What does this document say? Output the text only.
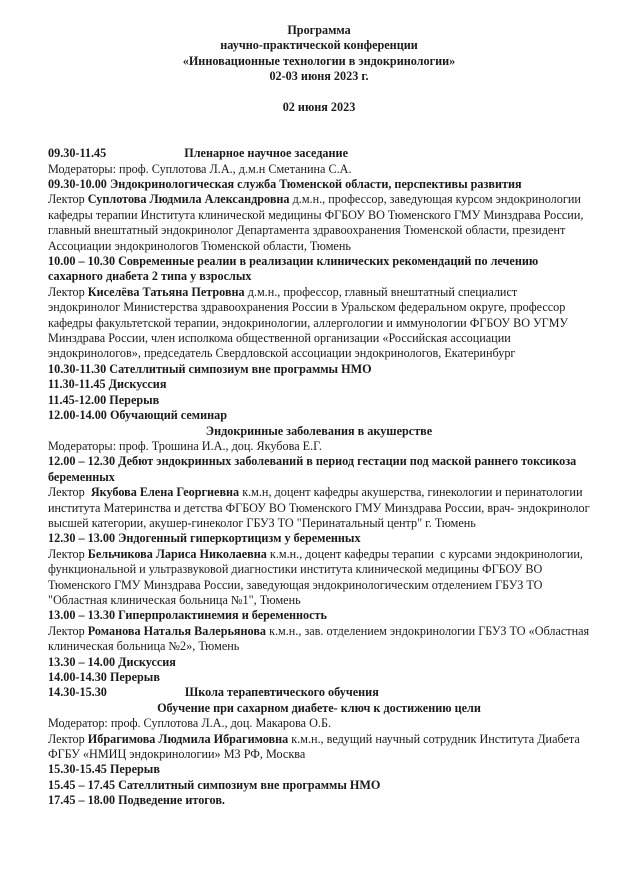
Программа
научно-практической конференции
«Инновационные технологии в эндокринологии»
02-03 июня 2023 г.
02 июня 2023
09.30-11.45	Пленарное научное заседание
Модераторы: проф. Суплотова Л.А., д.м.н Сметанина С.А.
09.30-10.00 Эндокринологическая служба Тюменской области, перспективы развития
Лектор Суплотова Людмила Александровна д.м.н., профессор, заведующая курсом эндокринологии кафедры терапии Института клинической медицины ФГБОУ ВО Тюменского ГМУ Минздрава России, главный внештатный эндокринолог Департамента здравоохранения Тюменской области, президент Ассоциации эндокринологов Тюменской области, Тюмень
10.00 – 10.30 Современные реалии в реализации клинических рекомендаций по лечению сахарного диабета 2 типа у взрослых
Лектор Киселёва Татьяна Петровна д.м.н., профессор, главный внештатный специалист эндокринолог Министерства здравоохранения России в Уральском федеральном округе, профессор кафедры факультетской терапии, эндокринологии, аллергологии и иммунологии ФГБОУ ВО УГМУ Минздрава России, член исполкома общественной организации «Российская ассоциации эндокринологов», председатель Свердловской ассоциации эндокринологов, Екатеринбург
10.30-11.30 Сателлитный симпозиум вне программы НМО
11.30-11.45 Дискуссия
11.45-12.00 Перерыв
12.00-14.00 Обучающий семинар
Эндокринные заболевания в акушерстве
Модераторы: проф. Трошина И.А., доц. Якубова Е.Г.
12.00 – 12.30 Дебют эндокринных заболеваний в период гестации под маской раннего токсикоза беременных
Лектор  Якубова Елена Георгиевна к.м.н, доцент кафедры акушерства, гинекологии и перинатологии института Материнства и детства ФГБОУ ВО Тюменского ГМУ Минздрава России, врач- эндокринолог высшей категории, акушер-гинеколог ГБУЗ ТО "Перинатальный центр" г. Тюмень
12.30 – 13.00 Эндогенный гиперкортицизм у беременных
Лектор Бельчикова Лариса Николаевна к.м.н., доцент кафедры терапии  с курсами эндокринологии, функциональной и ультразвуковой диагностики института клинической медицины ФГБОУ ВО Тюменского ГМУ Минздрава России, заведующая эндокринологическим отделением ГБУЗ ТО "Областная клиническая больница №1", Тюмень
13.00 – 13.30 Гиперпролактинемия и беременность
Лектор Романова Наталья Валерьянова к.м.н., зав. отделением эндокринологии ГБУЗ ТО «Областная клиническая больница №2», Тюмень
13.30 – 14.00 Дискуссия
14.00-14.30 Перерыв
14.30-15.30	Школа терапевтического обучения
Обучение при сахарном диабете- ключ к достижению цели
Модератор: проф. Суплотова Л.А., доц. Макарова О.Б.
Лектор Ибрагимова Людмила Ибрагимовна к.м.н., ведущий научный сотрудник Института Диабета ФГБУ «НМИЦ эндокринологии» МЗ РФ, Москва
15.30-15.45 Перерыв
15.45 – 17.45 Сателлитный симпозиум вне программы НМО
17.45 – 18.00 Подведение итогов.
